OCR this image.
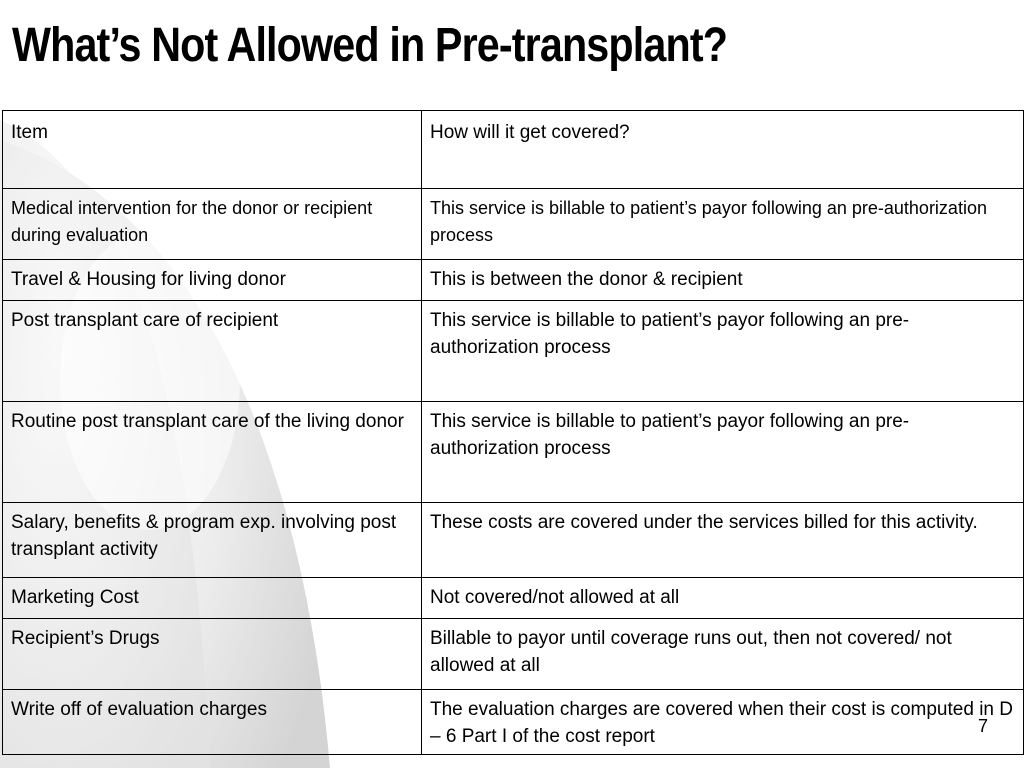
What’s Not Allowed in Pre-transplant?
Item	How will it get covered?
Medical intervention for the donor or recipient during evaluation	This service is billable to patient’s payor following an pre-authorization process
Travel & Housing for living donor	This is between the donor & recipient
Post transplant care of recipient	This service is billable to patient’s payor following an pre-authorization process
Routine post transplant care of the living donor	This service is billable to patient’s payor following an pre-authorization process
Salary, benefits & program exp. involving post transplant activity	These costs are covered under the services billed for this activity.
Marketing Cost	Not covered/not allowed at all
Recipient’s Drugs	Billable to payor until coverage runs out, then not covered/ not allowed at all
Write off of evaluation charges	The evaluation charges are covered when their cost is computed in D – 6 Part I of the cost report	7
